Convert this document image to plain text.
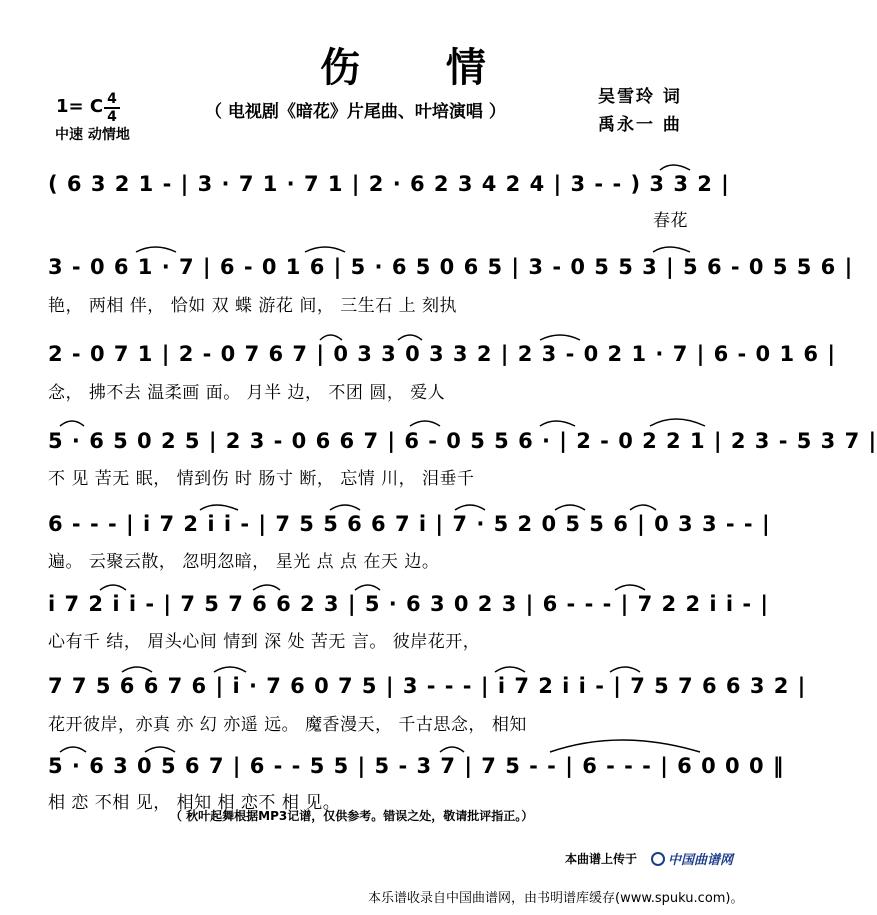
伤 情
（ 电视剧《暗花》片尾曲、叶培演唱 ）
吴雪玲 词
禹永一 曲
1= C $\frac{4}{4}$
中速 动情地
( 6 3 2 1 - | 3 · 7 1 · 7 1 | 2 · 6 2 3 4 2 4 | 3 - - ) 3 3 2 |
春花
3 - 0 6 1 · 7 | 6 - 0 1 6 | 5 · 6 5 0 6 5 | 3 - 0 5 5 3 | 5 6 - 0 5 5 6 |
艳， 两相 伴， 恰如 双 蝶 游花 间， 三生石 上 刻执
2 - 0 7 1 | 2 - 0 7 6 7 | 0 3 3 0 3 3 2 | 2 3 - 0 2 1 · 7 | 6 - 0 1 6 |
念， 拂不去 温柔画 面。 月半 边， 不团 圆， 爱人
5 · 6 5 0 2 5 | 2 3 - 0 6 6 7 | 6 - 0 5 5 6 · | 2 - 0 2 2 1 | 2 3 - 5 3 7 |
不 见 苦无 眠， 情到伤 时 肠寸 断， 忘情 川， 泪垂千
6 - - - | i 7 2 i i - | 7 5 5 6 6 7 i | 7 · 5 2 0 5 5 6 | 0 3 3 - - |
遍。 云聚云散， 忽明忽暗， 星光 点 点 在天 边。
i 7 2 i i - | 7 5 7 6 6 2 3 | 5 · 6 3 0 2 3 | 6 - - - | 7 2 2 i i - |
心有千 结， 眉头心间 情到 深 处 苦无 言。 彼岸花开，
7 7 5 6 6 7 6 | i · 7 6 0 7 5 | 3 - - - | i 7 2 i i - | 7 5 7 6 6 3 2 |
花开彼岸，亦真 亦 幻 亦遥 远。 魔香漫天， 千古思念， 相知
5 · 6 3 0 5 6 7 | 6 - - 5 5 | 5 - 3 7 | 7 5 - - | 6 - - - | 6 0 0 0 ‖
相 恋 不相 见， 相知 相 恋不 相 见。
（ 秋叶起舞根据MP3记谱，仅供参考。错误之处，敬请批评指正。）
本曲谱上传于	中国曲谱网
本乐谱收录自中国曲谱网，由书明谱库缓存(www.spuku.com)。
